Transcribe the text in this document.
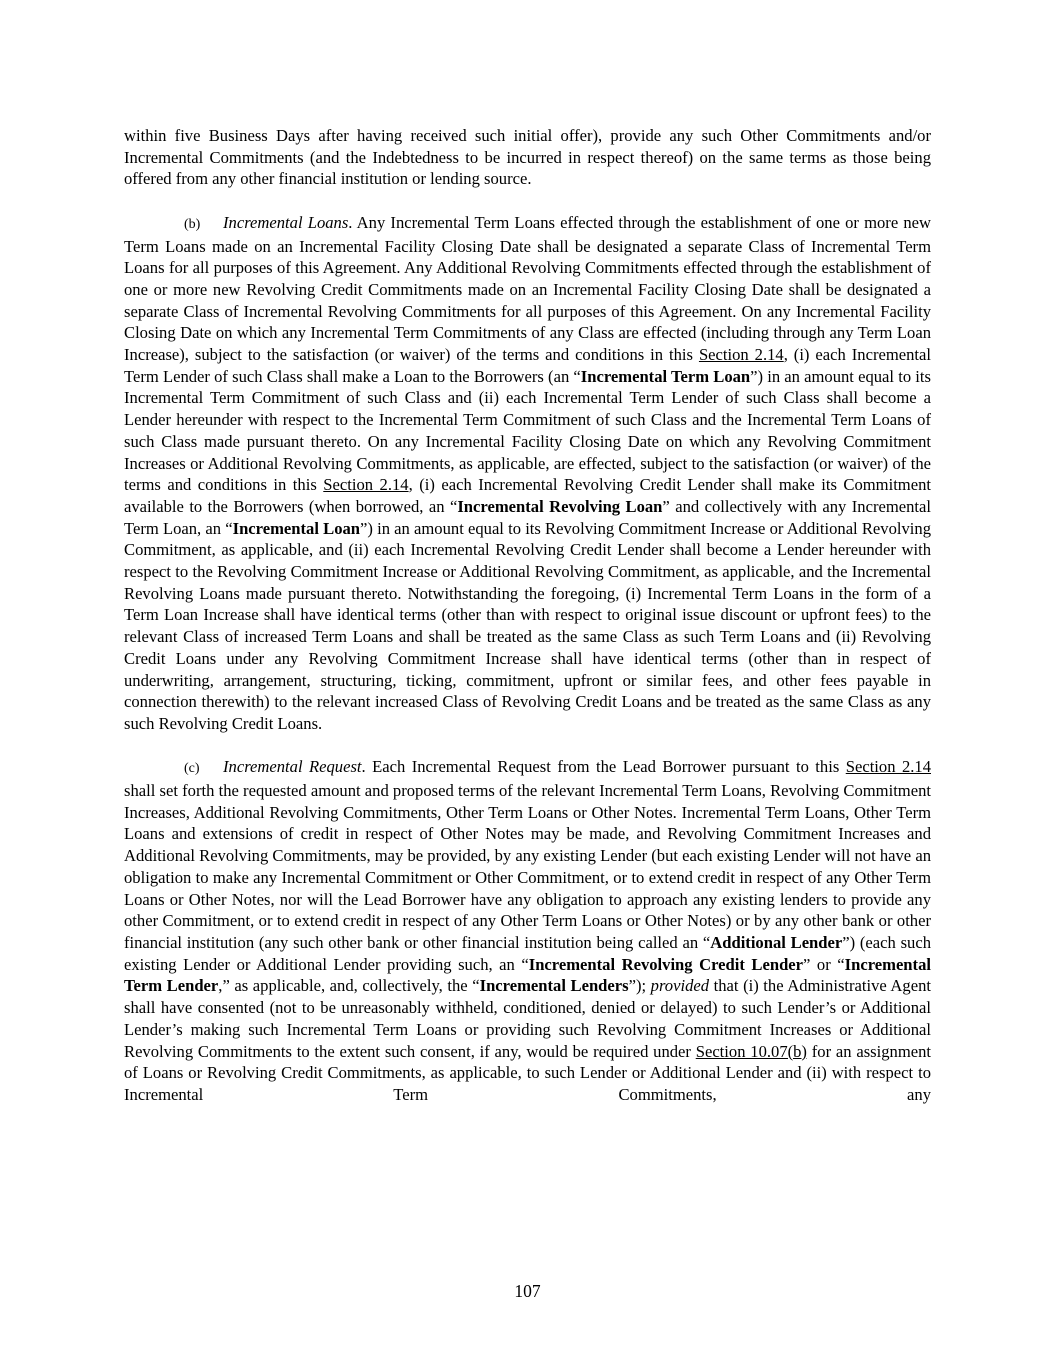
within five Business Days after having received such initial offer), provide any such Other Commitments and/or Incremental Commitments (and the Indebtedness to be incurred in respect thereof) on the same terms as those being offered from any other financial institution or lending source.

(b) Incremental Loans. Any Incremental Term Loans effected through the establishment of one or more new Term Loans made on an Incremental Facility Closing Date shall be designated a separate Class of Incremental Term Loans for all purposes of this Agreement. Any Additional Revolving Commitments effected through the establishment of one or more new Revolving Credit Commitments made on an Incremental Facility Closing Date shall be designated a separate Class of Incremental Revolving Commitments for all purposes of this Agreement. On any Incremental Facility Closing Date on which any Incremental Term Commitments of any Class are effected (including through any Term Loan Increase), subject to the satisfaction (or waiver) of the terms and conditions in this Section 2.14, (i) each Incremental Term Lender of such Class shall make a Loan to the Borrowers (an “Incremental Term Loan”) in an amount equal to its Incremental Term Commitment of such Class and (ii) each Incremental Term Lender of such Class shall become a Lender hereunder with respect to the Incremental Term Commitment of such Class and the Incremental Term Loans of such Class made pursuant thereto. On any Incremental Facility Closing Date on which any Revolving Commitment Increases or Additional Revolving Commitments, as applicable, are effected, subject to the satisfaction (or waiver) of the terms and conditions in this Section 2.14, (i) each Incremental Revolving Credit Lender shall make its Commitment available to the Borrowers (when borrowed, an “Incremental Revolving Loan” and collectively with any Incremental Term Loan, an “Incremental Loan”) in an amount equal to its Revolving Commitment Increase or Additional Revolving Commitment, as applicable, and (ii) each Incremental Revolving Credit Lender shall become a Lender hereunder with respect to the Revolving Commitment Increase or Additional Revolving Commitment, as applicable, and the Incremental Revolving Loans made pursuant thereto. Notwithstanding the foregoing, (i) Incremental Term Loans in the form of a Term Loan Increase shall have identical terms (other than with respect to original issue discount or upfront fees) to the relevant Class of increased Term Loans and shall be treated as the same Class as such Term Loans and (ii) Revolving Credit Loans under any Revolving Commitment Increase shall have identical terms (other than in respect of underwriting, arrangement, structuring, ticking, commitment, upfront or similar fees, and other fees payable in connection therewith) to the relevant increased Class of Revolving Credit Loans and be treated as the same Class as any such Revolving Credit Loans.

(c) Incremental Request. Each Incremental Request from the Lead Borrower pursuant to this Section 2.14 shall set forth the requested amount and proposed terms of the relevant Incremental Term Loans, Revolving Commitment Increases, Additional Revolving Commitments, Other Term Loans or Other Notes. Incremental Term Loans, Other Term Loans and extensions of credit in respect of Other Notes may be made, and Revolving Commitment Increases and Additional Revolving Commitments, may be provided, by any existing Lender (but each existing Lender will not have an obligation to make any Incremental Commitment or Other Commitment, or to extend credit in respect of any Other Term Loans or Other Notes, nor will the Lead Borrower have any obligation to approach any existing lenders to provide any other Commitment, or to extend credit in respect of any Other Term Loans or Other Notes) or by any other bank or other financial institution (any such other bank or other financial institution being called an “Additional Lender”) (each such existing Lender or Additional Lender providing such, an “Incremental Revolving Credit Lender” or “Incremental Term Lender,” as applicable, and, collectively, the “Incremental Lenders”); provided that (i) the Administrative Agent shall have consented (not to be unreasonably withheld, conditioned, denied or delayed) to such Lender’s or Additional Lender’s making such Incremental Term Loans or providing such Revolving Commitment Increases or Additional Revolving Commitments to the extent such consent, if any, would be required under Section 10.07(b) for an assignment of Loans or Revolving Credit Commitments, as applicable, to such Lender or Additional Lender and (ii) with respect to Incremental Term Commitments, any

107
